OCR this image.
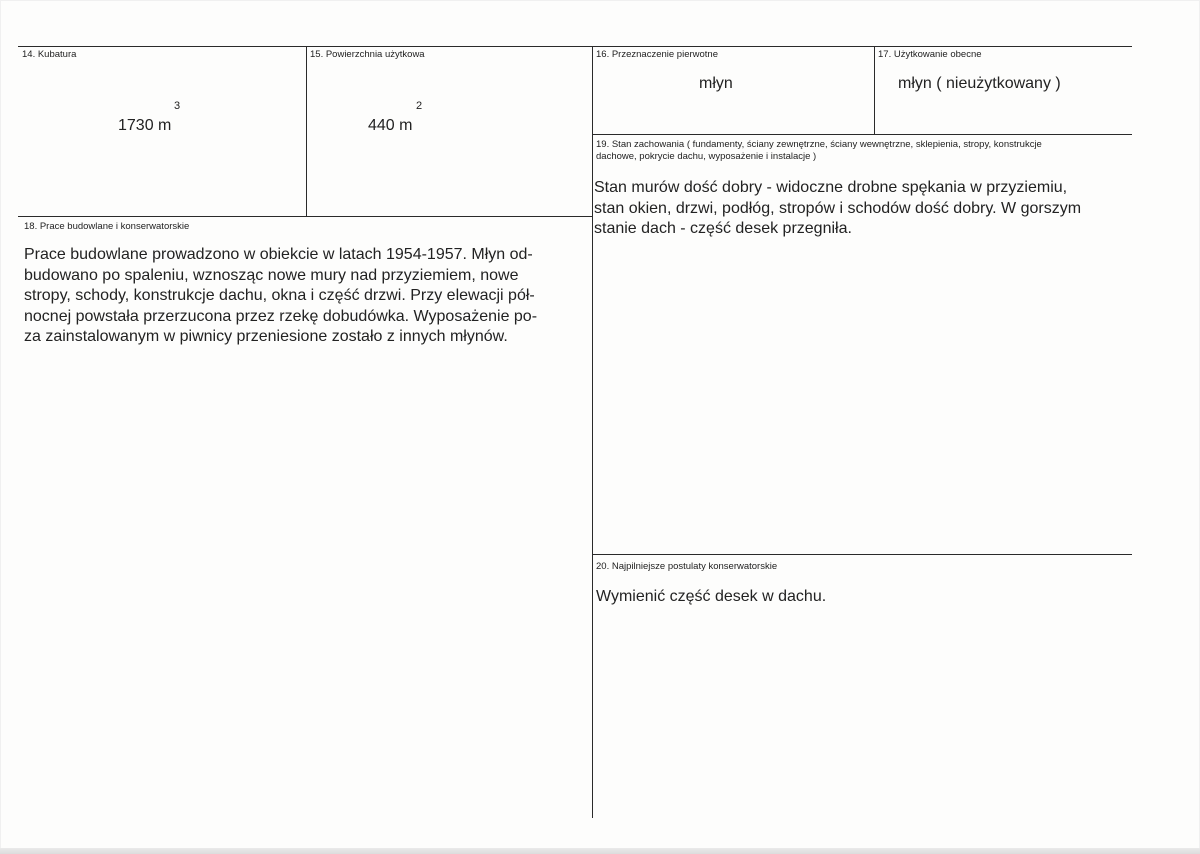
14. Kubatura
1730 m
3
15. Powierzchnia użytkowa
440 m
2
16. Przeznaczenie pierwotne
młyn
17. Użytkowanie obecne
młyn ( nieużytkowany )
19. Stan zachowania ( fundamenty, ściany zewnętrzne, ściany wewnętrzne, sklepienia, stropy, konstrukcje
dachowe, pokrycie dachu, wyposażenie i instalacje )
Stan murów dość dobry - widoczne drobne spękania w przyziemiu,
stan okien, drzwi, podłóg, stropów i schodów dość dobry. W gorszym
stanie dach - część desek przegniła.
18. Prace budowlane i konserwatorskie
Prace budowlane prowadzono w obiekcie w latach 1954-1957. Młyn od-
budowano po spaleniu, wznosząc nowe mury nad przyziemiem, nowe
stropy, schody, konstrukcje dachu, okna i część drzwi. Przy elewacji pół-
nocnej powstała przerzucona przez rzekę dobudówka. Wyposażenie po-
za zainstalowanym w piwnicy przeniesione zostało z innych młynów.
20. Najpilniejsze postulaty konserwatorskie
Wymienić część desek w dachu.
